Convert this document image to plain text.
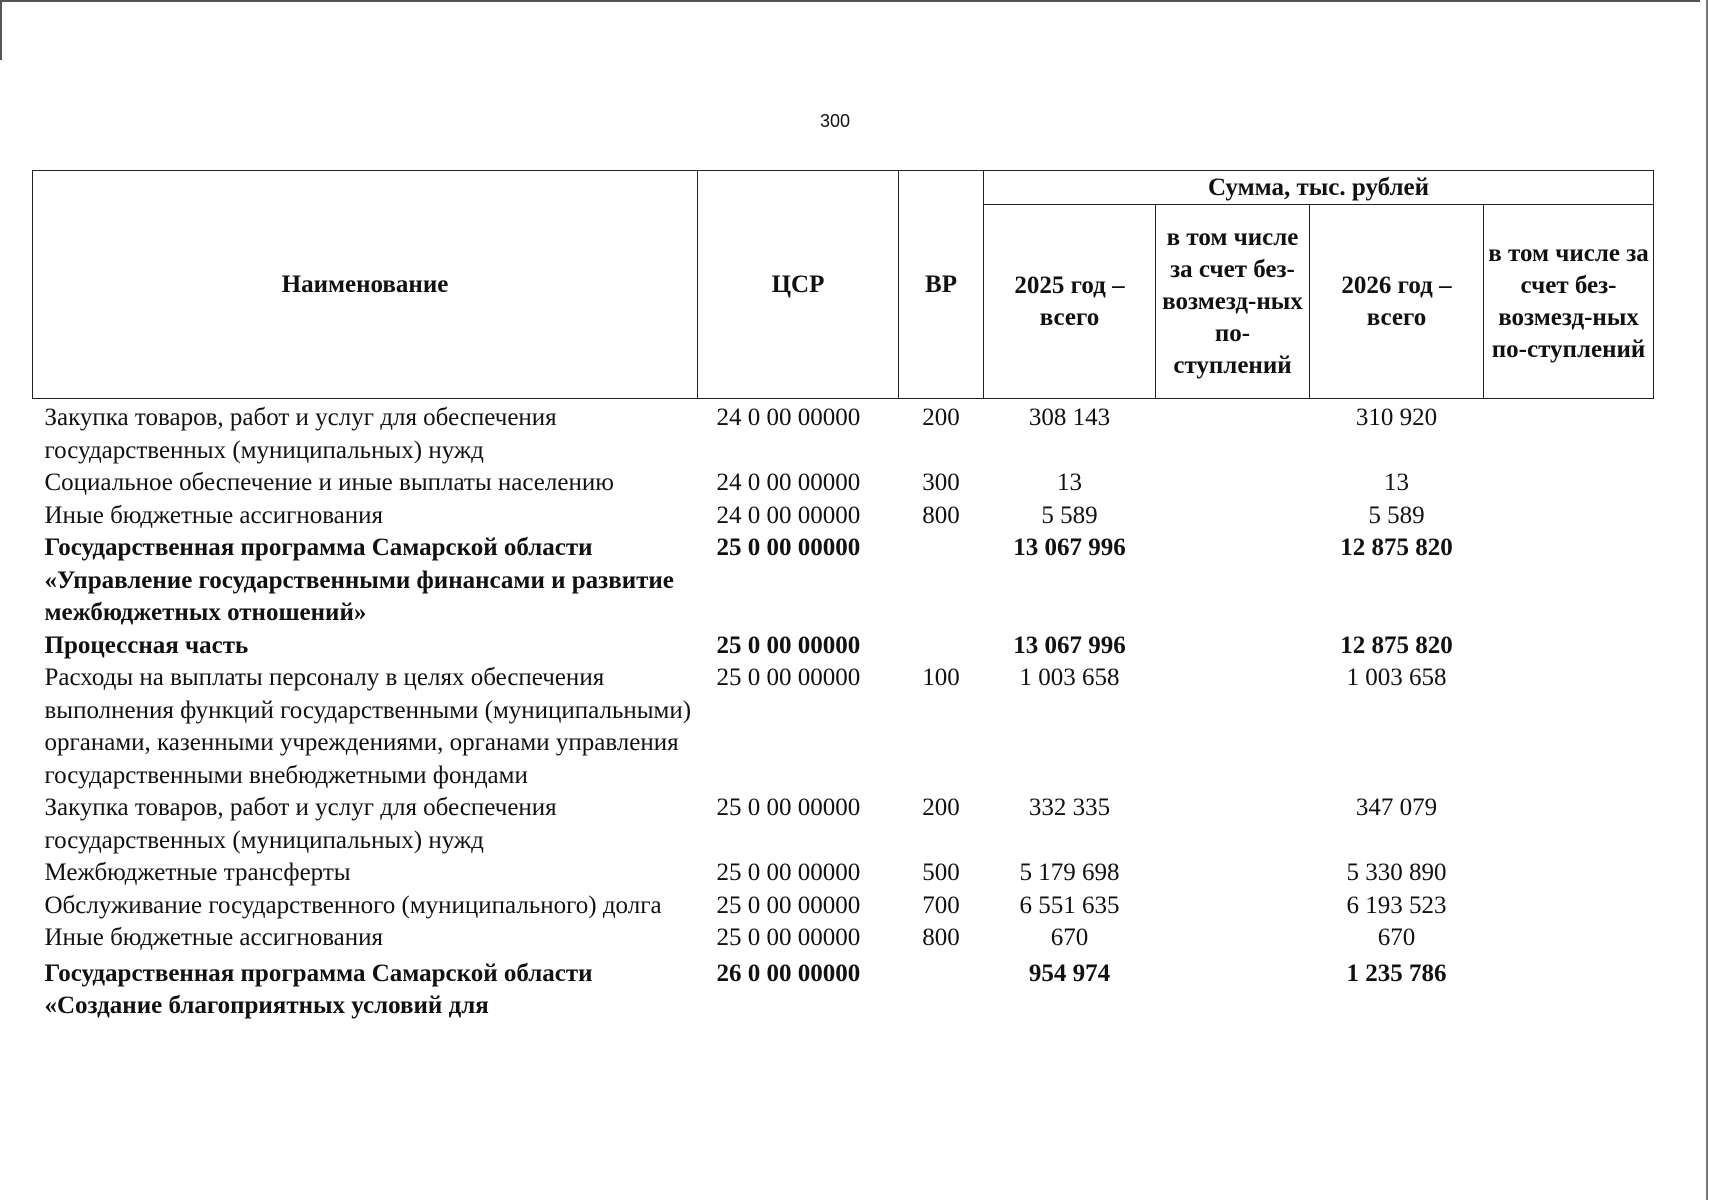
300
Наименование	ЦСР	ВР	Сумма, тыс. рублей			
			2025 год – всего	в том числе за счет без-возмезд-ных по-ступлений	2026 год – всего	в том числе за счет без-возмезд-ных по-ступлений
Закупка товаров, работ и услуг для обеспечения государственных (муниципальных) нужд	24 0 00 00000	200	308 143		310 920	
Социальное обеспечение и иные выплаты населению	24 0 00 00000	300	13		13	
Иные бюджетные ассигнования	24 0 00 00000	800	5 589		5 589	
Государственная программа Самарской области «Управление государственными финансами и развитие межбюджетных отношений»	25 0 00 00000		13 067 996		12 875 820	
Процессная часть	25 0 00 00000		13 067 996		12 875 820	
Расходы на выплаты персоналу в целях обеспечения выполнения функций государственными (муниципальными) органами, казенными учреждениями, органами управления государственными внебюджетными фондами	25 0 00 00000	100	1 003 658		1 003 658	
Закупка товаров, работ и услуг для обеспечения государственных (муниципальных) нужд	25 0 00 00000	200	332 335		347 079	
Межбюджетные трансферты	25 0 00 00000	500	5 179 698		5 330 890	
Обслуживание государственного (муниципального) долга	25 0 00 00000	700	6 551 635		6 193 523	
Иные бюджетные ассигнования	25 0 00 00000	800	670		670	
Государственная программа Самарской области «Создание благоприятных условий для	26 0 00 00000		954 974		1 235 786	
